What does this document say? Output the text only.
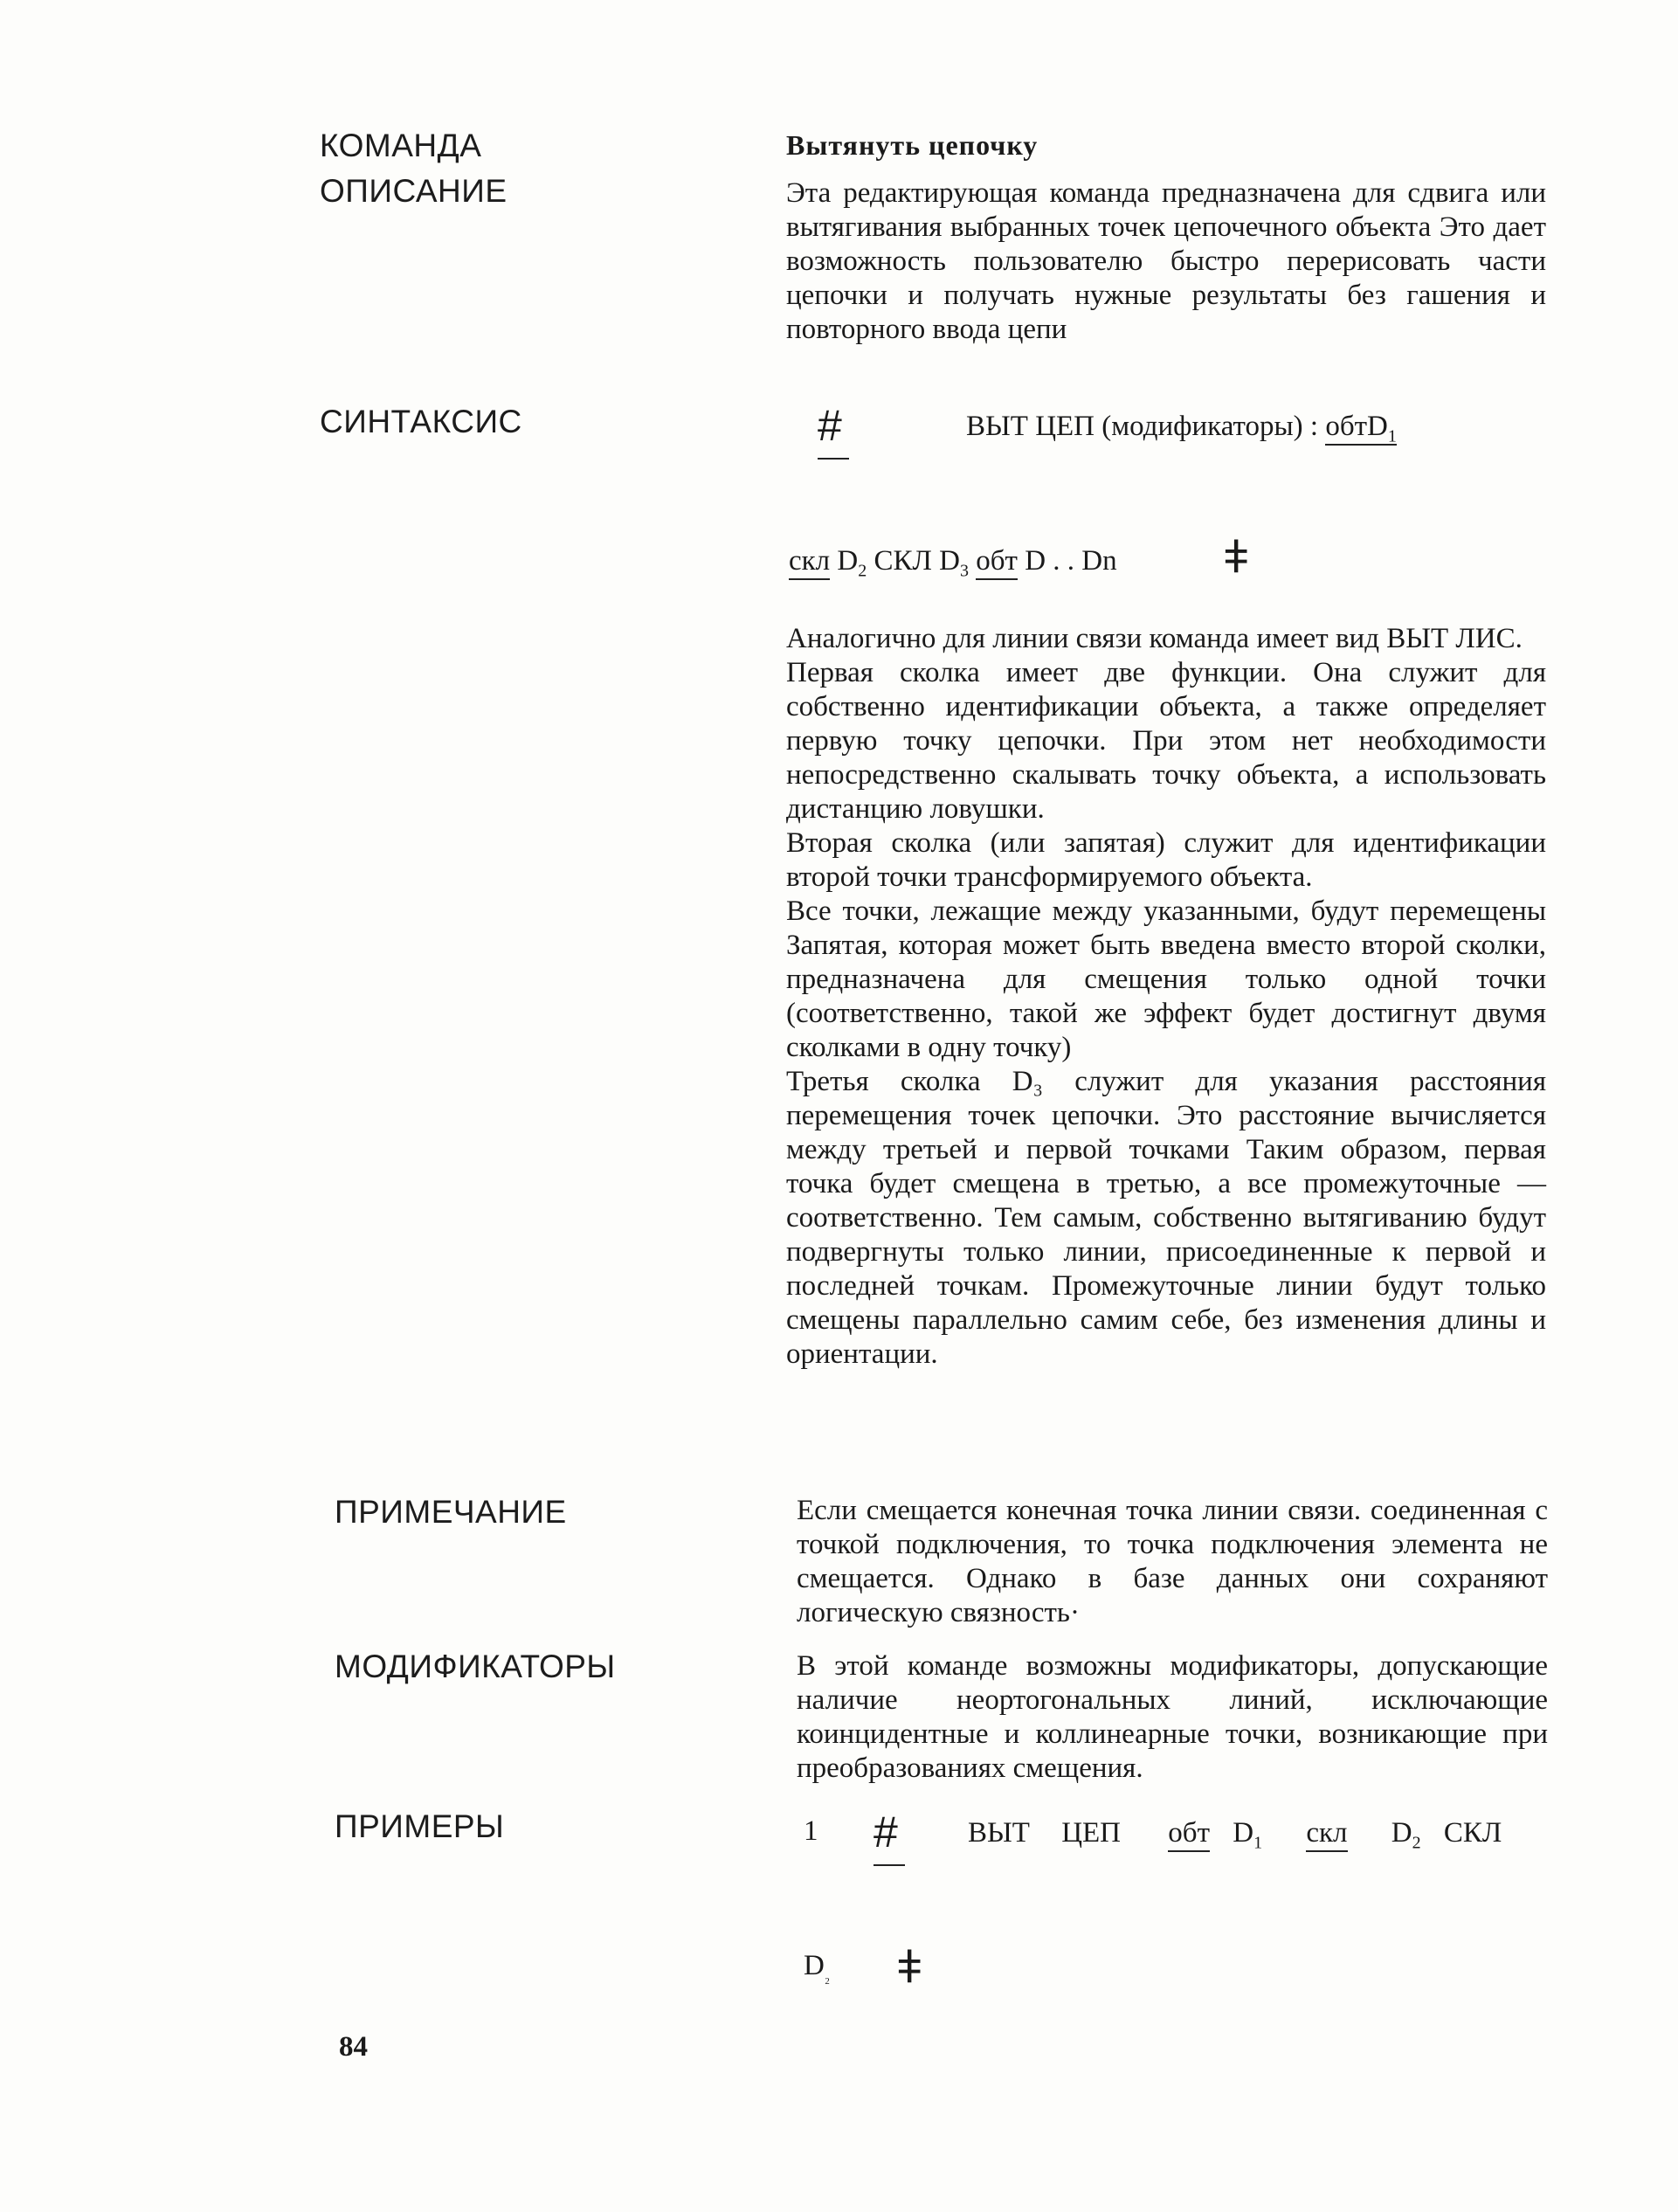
КОМАНДА
ОПИСАНИЕ
СИНТАКСИС
ПРИМЕЧАНИЕ
МОДИФИКАТОРЫ
ПРИМЕРЫ
Вытянуть цепочку
Эта редактирующая команда предназначена для сдвига или вытягивания выбранных точек цепочечного объекта Это дает возможность пользователю быстро перерисовать части цепочки и получать нужные результаты без гашения и повторного ввода цепи
#	ВЫТ ЦЕП (модификаторы) : обтD$_1$
скл $D_2$ СКЛ $D_3$ обт D . . Dn ǂ

Аналогично для линии связи команда имеет вид ВЫТ ЛИС.

Первая сколка имеет две функции. Она служит для собственно идентификации объекта, а также определяет первую точку цепочки. При этом нет необходимости непосредственно скалывать точку объекта, а использовать дистанцию ловушки.

Вторая сколка (или запятая) служит для идентификации второй точки трансформируемого объекта.

Все точки, лежащие между указанными, будут перемещены Запятая, которая может быть введена вместо второй сколки, предназначена для смещения только одной точки (соответственно, такой же эффект будет достигнут двумя сколками в одну точку)

Третья сколка D₃ служит для указания расстояния перемещения точек цепочки. Это расстояние вычисляется между третьей и первой точками Таким образом, первая точка будет смещена в третью, а все промежуточные — соответственно. Тем самым, собственно вытягиванию будут подвергнуты только линии, присоединенные к первой и последней точкам. Промежуточные линии будут только смещены параллельно самим себе, без изменения длины и ориентации.

Если смещается конечная точка линии связи. соединенная с точкой подключения, то точка подключения элемента не смещается. Однако в базе данных они сохраняют логическую связность·
В этой команде возможны модификаторы, допускающие наличие неортогональных линий, исключающие коинцидентные и коллинеарные точки, возникающие при преобразованиях смещения.
1 # ВЫТ ЦЕП обт $D_1$ скл $D_2$ СКЛ
$D_{_2}$ ǂ
84
